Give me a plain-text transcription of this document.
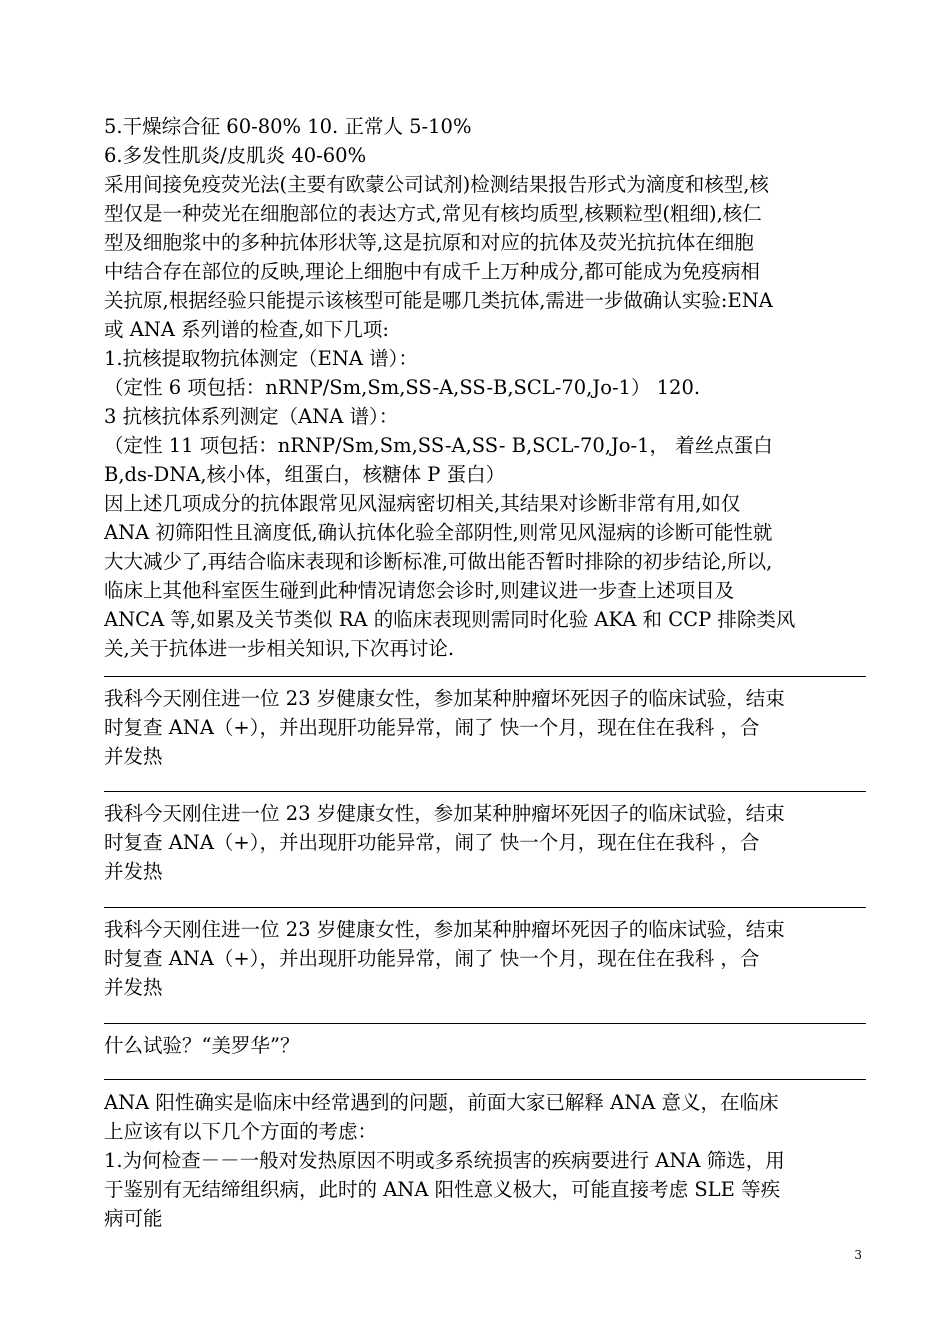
5.干燥综合征 60-80% 10. 正常人 5-10%
6.多发性肌炎/皮肌炎 40-60%
采用间接免疫荧光法(主要有欧蒙公司试剂)检测结果报告形式为滴度和核型,核
型仅是一种荧光在细胞部位的表达方式,常见有核均质型,核颗粒型(粗细),核仁
型及细胞浆中的多种抗体形状等,这是抗原和对应的抗体及荧光抗抗体在细胞
中结合存在部位的反映,理论上细胞中有成千上万种成分,都可能成为免疫病相
关抗原,根据经验只能提示该核型可能是哪几类抗体,需进一步做确认实验:ENA
或 ANA 系列谱的检查,如下几项:
1.抗核提取物抗体测定（ENA 谱）：
（定性 6 项包括：nRNP/Sm,Sm,SS-A,SS-B,SCL-70,Jo-1） 120.
3 抗核抗体系列测定（ANA 谱）：
（定性 11 项包括：nRNP/Sm,Sm,SS-A,SS- B,SCL-70,Jo-1， 着丝点蛋白
B,ds-DNA,核小体，组蛋白，核糖体 P 蛋白）
因上述几项成分的抗体跟常见风湿病密切相关,其结果对诊断非常有用,如仅
ANA 初筛阳性且滴度低,确认抗体化验全部阴性,则常见风湿病的诊断可能性就
大大减少了,再结合临床表现和诊断标准,可做出能否暂时排除的初步结论,所以,
临床上其他科室医生碰到此种情况请您会诊时,则建议进一步查上述项目及
ANCA 等,如累及关节类似 RA 的临床表现则需同时化验 AKA 和 CCP 排除类风
关,关于抗体进一步相关知识,下次再讨论.
我科今天刚住进一位 23 岁健康女性，参加某种肿瘤坏死因子的临床试验，结束
时复查 ANA（+），并出现肝功能异常，闹了 快一个月，现在住在我科 ，合
并发热
我科今天刚住进一位 23 岁健康女性，参加某种肿瘤坏死因子的临床试验，结束
时复查 ANA（+），并出现肝功能异常，闹了 快一个月，现在住在我科 ，合
并发热
我科今天刚住进一位 23 岁健康女性，参加某种肿瘤坏死因子的临床试验，结束
时复查 ANA（+），并出现肝功能异常，闹了 快一个月，现在住在我科 ，合
并发热
什么试验？“美罗华”？
ANA 阳性确实是临床中经常遇到的问题，前面大家已解释 ANA 意义，在临床
上应该有以下几个方面的考虑：
1.为何检查－－一般对发热原因不明或多系统损害的疾病要进行 ANA 筛选，用
于鉴别有无结缔组织病，此时的 ANA 阳性意义极大，可能直接考虑 SLE 等疾
病可能
3
